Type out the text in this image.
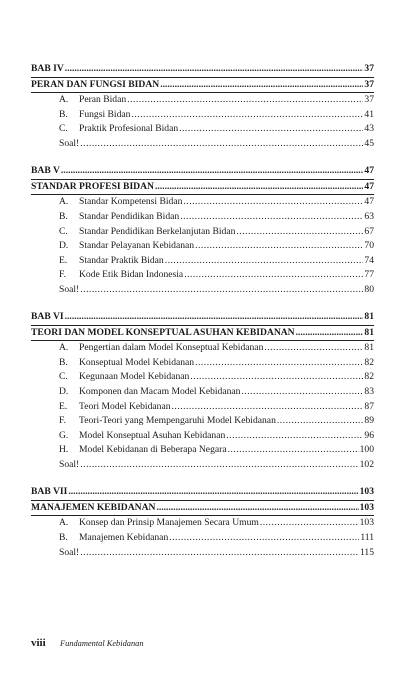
BAB IV .....	37
PERAN DAN FUNGSI BIDAN .....	37
A. Peran Bidan .....	37
B. Fungsi Bidan .....	41
C. Praktik Profesional Bidan .....	43
Soal! .....	45
BAB V .....	47
STANDAR PROFESI BIDAN .....	47
A. Standar Kompetensi Bidan .....	47
B. Standar Pendidikan Bidan .....	63
C. Standar Pendidikan Berkelanjutan Bidan .....	67
D. Standar Pelayanan Kebidanan .....	70
E. Standar Praktik Bidan .....	74
F. Kode Etik Bidan Indonesia .....	77
Soal! .....	80
BAB VI .....	81
TEORI DAN MODEL KONSEPTUAL ASUHAN KEBIDANAN .....	81
A. Pengertian dalam Model Konseptual Kebidanan .....	81
B. Konseptual Model Kebidanan .....	82
C. Kegunaan Model Kebidanan .....	82
D. Komponen dan Macam Model Kebidanan .....	83
E. Teori Model Kebidanan .....	87
F. Teori-Teori yang Mempengaruhi Model Kebidanan .....	89
G. Model Konseptual Asuhan Kebidanan .....	96
H. Model Kebidanan di Beberapa Negara .....	100
Soal! .....	102
BAB VII .....	103
MANAJEMEN KEBIDANAN .....	103
A. Konsep dan Prinsip Manajemen Secara Umum .....	103
B. Manajemen Kebidanan .....	111
Soal! .....	115
viii	Fundamental Kebidanan
